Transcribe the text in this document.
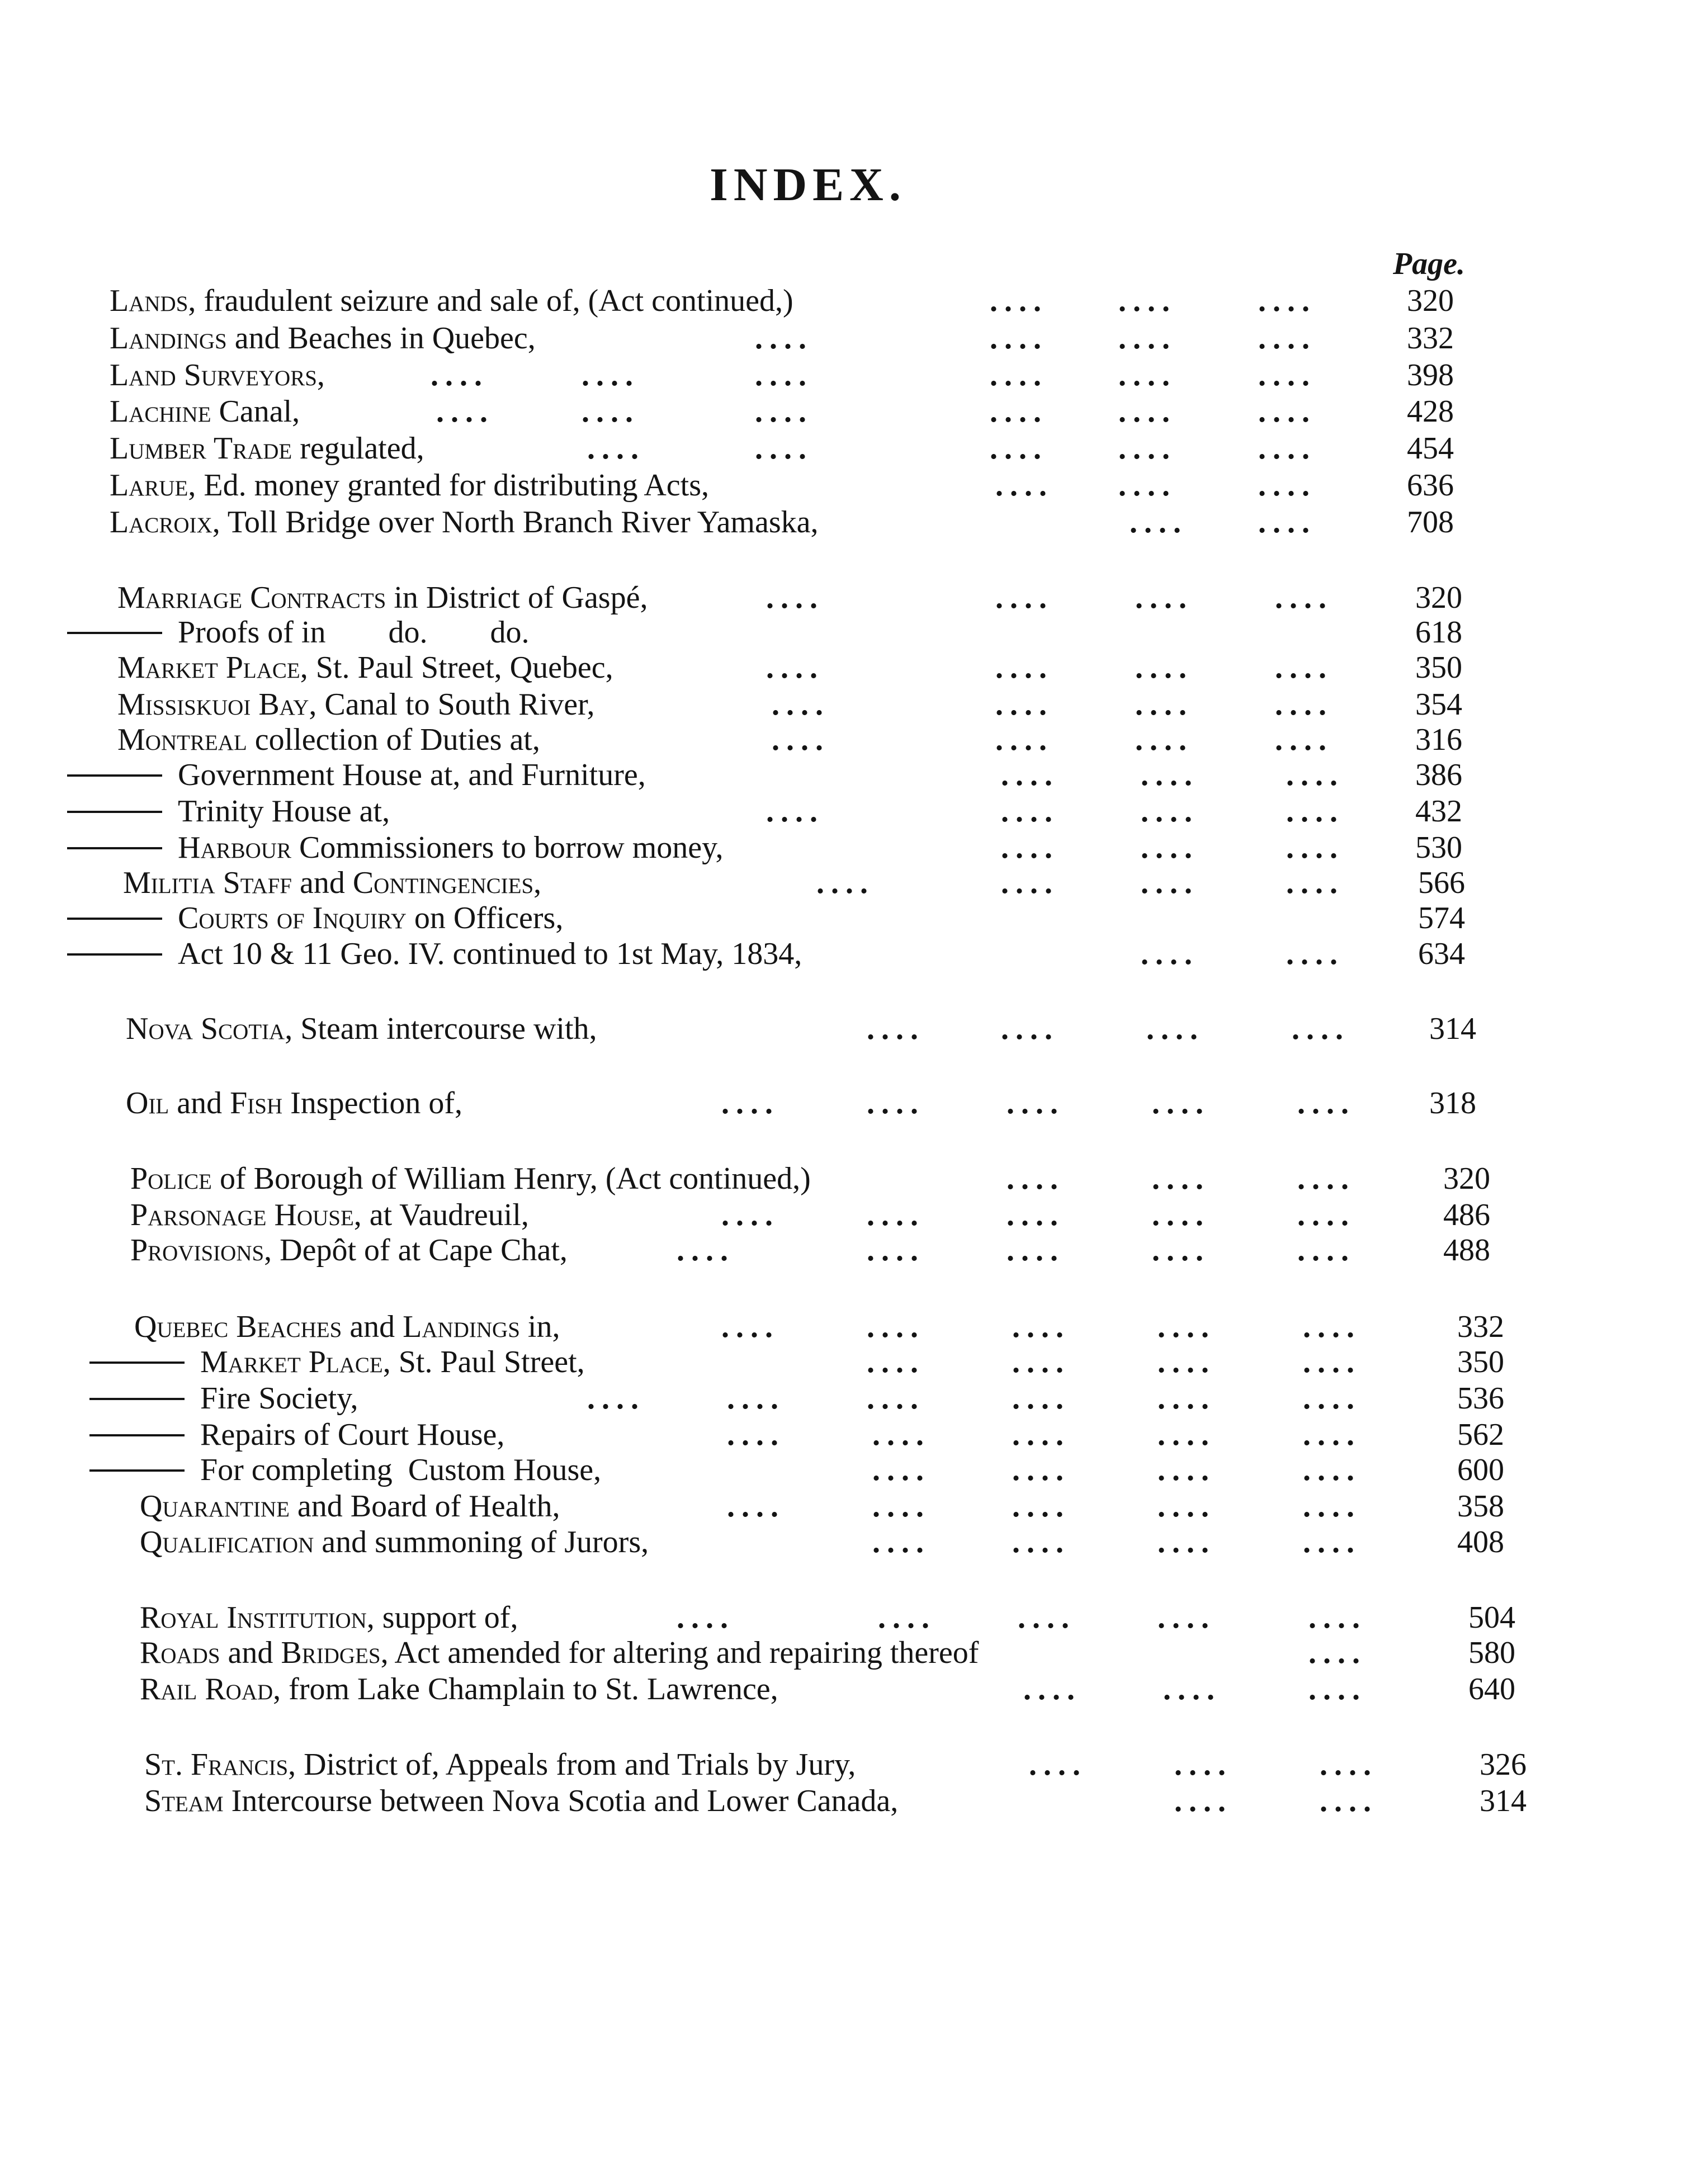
INDEX.
Page.
Lands, fraudulent seizure and sale of, (Act continued,)	.... ....	....	320
Landings and Beaches in Quebec,	....	.... ....	....	332
Land Surveyors,	....	....	....	.... ....	....	398
Lachine Canal,	....	....	....	.... ....	....	428
Lumber Trade regulated,	....	....	.... ....	....	454
Larue, Ed. money granted for distributing Acts,	.... ....	....	636
Lacroix, Toll Bridge over North Branch River Yamaska,	.... ....	708
Marriage Contracts in District of Gaspé,	....	....	....	....	320
Proofs of in        do.        do.	618
Market Place, St. Paul Street, Quebec,	....	....	....	....	350
Missiskuoi Bay, Canal to South River,	....	....	....	....	354
Montreal collection of Duties at,	....	....	....	....	316
Government House at, and Furniture,	....	....	....	386
Trinity House at,	....	....	....	....	432
Harbour Commissioners to borrow money,	....	....	....	530
Militia Staff and Contingencies,	....	....	....	....	566
Courts of Inquiry on Officers,	574
Act 10 & 11 Geo. IV. continued to 1st May, 1834,	....	....	634
Nova Scotia, Steam intercourse with,	.... ....	....	....	314
Oil and Fish Inspection of,	....	....	....	....	....	318
Police of Borough of William Henry, (Act continued,)	....	....	....	320
Parsonage House, at Vaudreuil,	....	....	....	....	....	486
Provisions, Depôt of at Cape Chat,	....	....	....	....	....	488
Quebec Beaches and Landings in,	....	....	....	....	....	332
Market Place, St. Paul Street,	....	....	....	....	350
Fire Society,	....	....	....	....	....	....	536
Repairs of Court House,	....	....	....	....	....	562
For completing  Custom House,	....	....	....	....	600
Quarantine and Board of Health,	....	....	....	....	....	358
Qualification and summoning of Jurors,	....	....	....	....	408
Royal Institution, support of,	....	....	....	....	....	504
Roads and Bridges, Act amended for altering and repairing thereof	....	580
Rail Road, from Lake Champlain to St. Lawrence,	....	....	....	640
St. Francis, District of, Appeals from and Trials by Jury,	....	....	....	326
Steam Intercourse between Nova Scotia and Lower Canada,	....	....	314
